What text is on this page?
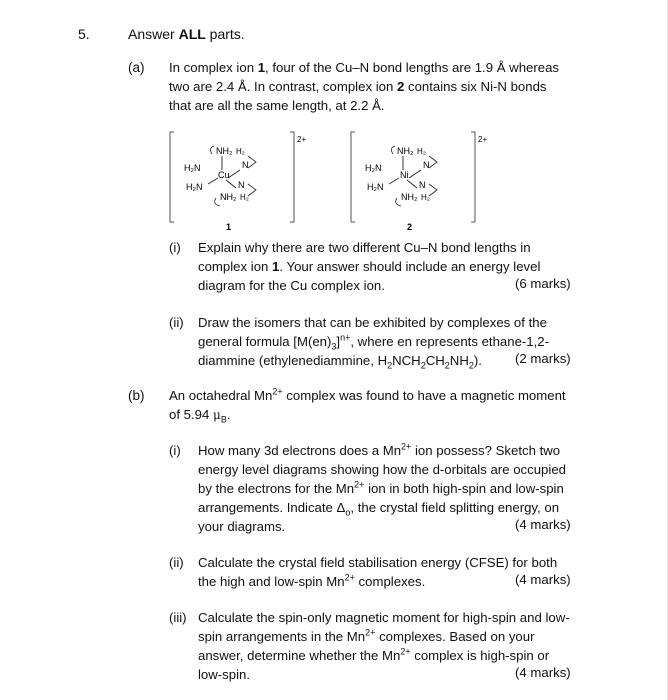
5.	Answer ALL parts.
(a) In complex ion 1, four of the Cu–N bond lengths are 1.9 Å whereas
two are 2.4 Å. In contrast, complex ion 2 contains six Ni-N bonds
that are all the same length, at 2.2 Å.
2+
NH₂ H₂
H₂N
Cu
N
H₂N	N
NH₂ H₂
1
2+
NH₂ H₂
H₂N
Ni
N
H₂N	N
NH₂ H₂
2
(i) Explain why there are two different Cu–N bond lengths in
complex ion 1. Your answer should include an energy level
diagram for the Cu complex ion.	(6 marks)
(ii) Draw the isomers that can be exhibited by complexes of the
general formula $[M(en)_3]^{n+}$, where en represents ethane-1,2-
diammine (ethylenediammine, $H_2NCH_2CH_2NH_2$).	(2 marks)
(b) An octahedral $Mn^{2+}$ complex was found to have a magnetic moment
of 5.94 $\mu_B$.
(i) How many 3d electrons does a $Mn^{2+}$ ion possess? Sketch two
energy level diagrams showing how the d-orbitals are occupied
by the electrons for the $Mn^{2+}$ ion in both high-spin and low-spin
arrangements. Indicate $\Delta_o$, the crystal field splitting energy, on
your diagrams.	(4 marks)
(ii) Calculate the crystal field stabilisation energy (CFSE) for both
the high and low-spin $Mn^{2+}$ complexes.	(4 marks)
(iii) Calculate the spin-only magnetic moment for high-spin and low-
spin arrangements in the $Mn^{2+}$ complexes. Based on your
answer, determine whether the $Mn^{2+}$ complex is high-spin or
low-spin.	(4 marks)
